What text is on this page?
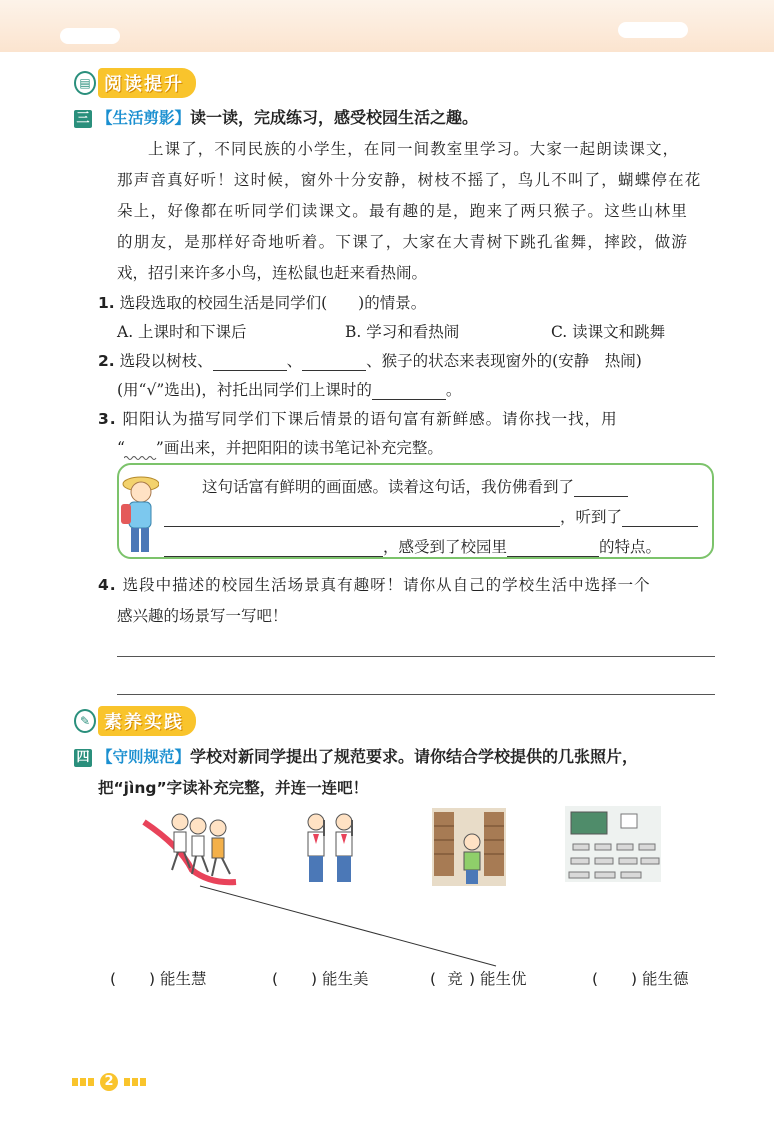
▤ 阅读提升
三 【生活剪影】读一读，完成练习，感受校园生活之趣。
上课了，不同民族的小学生，在同一间教室里学习。大家一起朗读课文，
那声音真好听！这时候，窗外十分安静，树枝不摇了，鸟儿不叫了，蝴蝶停在花
朵上，好像都在听同学们读课文。最有趣的是，跑来了两只猴子。这些山林里
的朋友，是那样好奇地听着。下课了，大家在大青树下跳孔雀舞，摔跤，做游
戏，招引来许多小鸟，连松鼠也赶来看热闹。
1. 选段选取的校园生活是同学们(　　)的情景。
A. 上课时和下课后	B. 学习和看热闹	C. 读课文和跳舞
2. 选段以树枝、	、	、猴子的状态来表现窗外的(安静　热闹)
(用“√”选出)，衬托出同学们上课时的	。
3. 阳阳认为描写同学们下课后情景的语句富有新鲜感。请你找一找，用
“　　”画出来，并把阳阳的读书笔记补充完整。
这句话富有鲜明的画面感。读着这句话，我仿佛看到了
，听到了
，感受到了校园里	的特点。
4. 选段中描述的校园生活场景真有趣呀！请你从自己的学校生活中选择一个
感兴趣的场景写一写吧！
✎ 素养实践
四 【守则规范】学校对新同学提出了规范要求。请你结合学校提供的几张照片，
把“jìng”字读补充完整，并连一连吧！
( ) 能生慧	( ) 能生美	( 竞 ) 能生优	( ) 能生德
2
